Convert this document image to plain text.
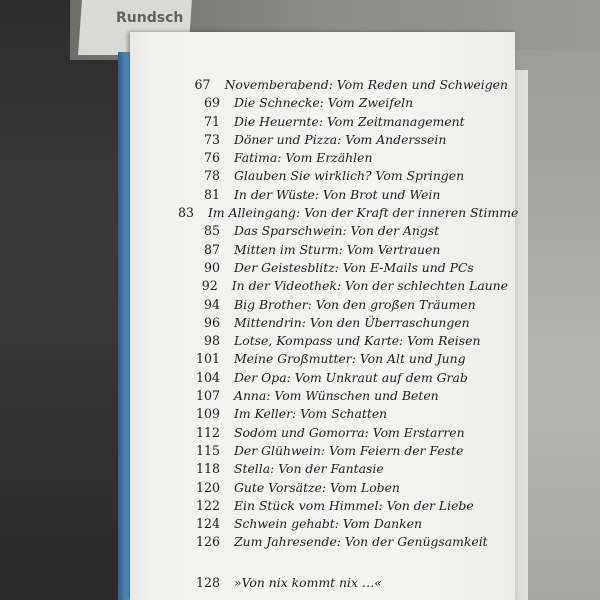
Rundsch
67	Novemberabend: Vom Reden und Schweigen
69	Die Schnecke: Vom Zweifeln
71	Die Heuernte: Vom Zeitmanagement
73	Döner und Pizza: Vom Anderssein
76	Fatima: Vom Erzählen
78	Glauben Sie wirklich? Vom Springen
81	In der Wüste: Von Brot und Wein
83	Im Alleingang: Von der Kraft der inneren Stimme
85	Das Sparschwein: Von der Angst
87	Mitten im Sturm: Vom Vertrauen
90	Der Geistesblitz: Von E-Mails und PCs
92	In der Videothek: Von der schlechten Laune
94	Big Brother: Von den großen Träumen
96	Mittendrin: Von den Überraschungen
98	Lotse, Kompass und Karte: Vom Reisen
101	Meine Großmutter: Von Alt und Jung
104	Der Opa: Vom Unkraut auf dem Grab
107	Anna: Vom Wünschen und Beten
109	Im Keller: Vom Schatten
112	Sodom und Gomorra: Vom Erstarren
115	Der Glühwein: Vom Feiern der Feste
118	Stella: Von der Fantasie
120	Gute Vorsätze: Vom Loben
122	Ein Stück vom Himmel: Von der Liebe
124	Schwein gehabt: Vom Danken
126	Zum Jahresende: Von der Genügsamkeit
128	»Von nix kommt nix …«
